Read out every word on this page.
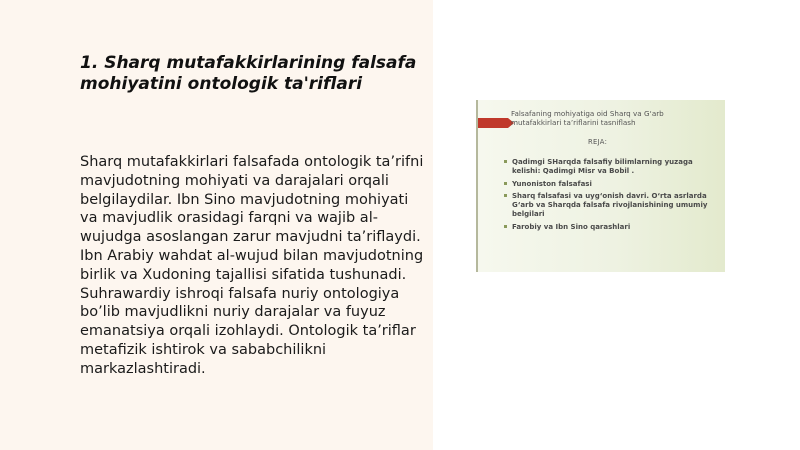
1. Sharq mutafakkirlarining falsafa mohiyatini ontologik ta'riflari

Sharq mutafakkirlari falsafada ontologik ta’rifni mavjudotning mohiyati va darajalari orqali belgilaydilar. Ibn Sino mavjudotning mohiyati va mavjudlik orasidagi farqni va wajib al-wujudga asoslangan zarur mavjudni ta’riflaydi. Ibn Arabiy wahdat al-wujud bilan mavjudotning birlik va Xudoning tajallisi sifatida tushunadi. Suhrawardiy ishroqi falsafa nuriy ontologiya bo’lib mavjudlikni nuriy darajalar va fuyuz emanatsiya orqali izohlaydi. Ontologik ta’riflar metafizik ishtirok va sababchilikni markazlashtiradi.

Falsafaning mohiyatiga oid Sharq va G‘arb mutafakkirlari ta’riflarini tasniflash
REJA:
Qadimgi SHarqda falsafiy bilimlarning yuzaga kelishi: Qadimgi Misr va Bobil .
Yunoniston falsafasi
Sharq falsafasi va uyg‘onish davri. O‘rta asrlarda G‘arb va Sharqda falsafa rivojlanishining umumiy belgilari
Farobiy va Ibn Sino qarashlari
